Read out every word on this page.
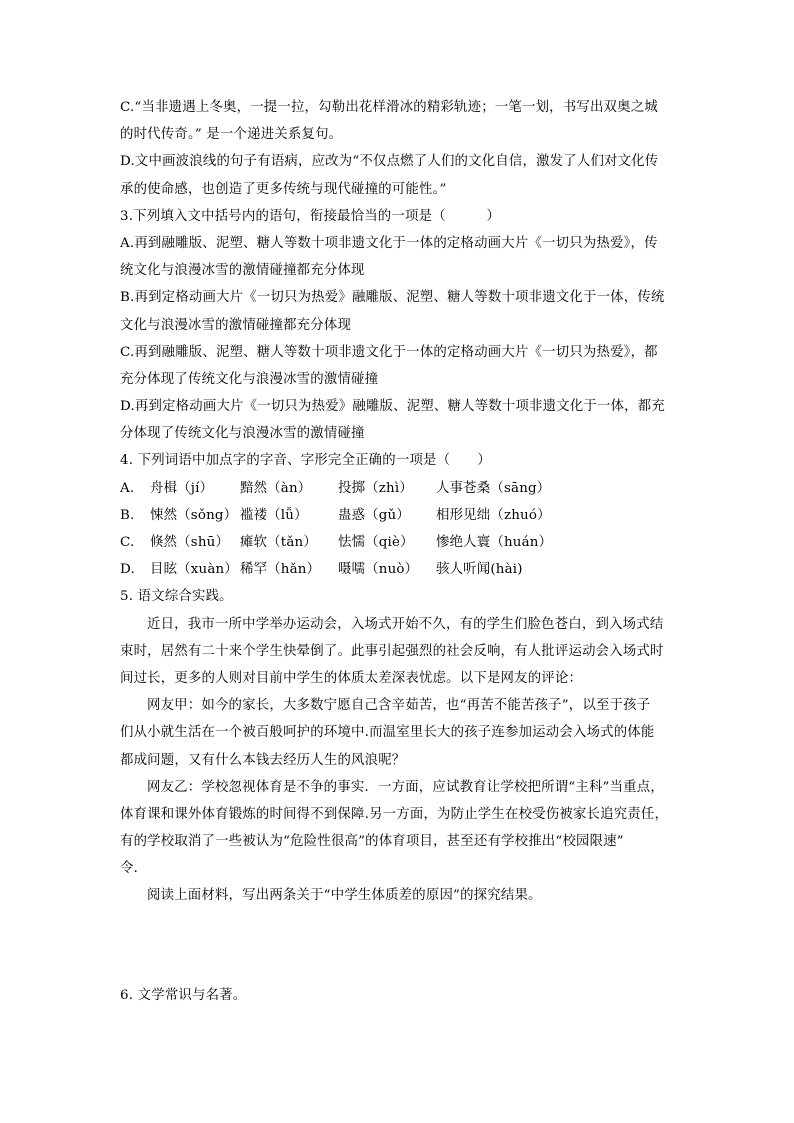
C.“当非遗遇上冬奥，一提一拉，勾勒出花样滑冰的精彩轨迹；一笔一划，书写出双奥之城
的时代传奇。” 是一个递进关系复句。
D.文中画波浪线的句子有语病，应改为“不仅点燃了人们的文化自信，激发了人们对文化传
承的使命感，也创造了更多传统与现代碰撞的可能性。”
3.下列填入文中括号内的语句，衔接最恰当的一项是（　　　）
A.再到融雕版、泥塑、糖人等数十项非遗文化于一体的定格动画大片《一切只为热爱》，传
统文化与浪漫冰雪的激情碰撞都充分体现
B.再到定格动画大片《一切只为热爱》融雕版、泥塑、糖人等数十项非遗文化于一体，传统
文化与浪漫冰雪的激情碰撞都充分体现
C.再到融雕版、泥塑、糖人等数十项非遗文化于一体的定格动画大片《一切只为热爱》，都
充分体现了传统文化与浪漫冰雪的激情碰撞
D.再到定格动画大片《一切只为热爱》融雕版、泥塑、糖人等数十项非遗文化于一体，都充
分体现了传统文化与浪漫冰雪的激情碰撞
4. 下列词语中加点字的字音、字形完全正确的一项是（　　）
A.	舟楫（jí）	黯然（àn）	投掷（zhì）	人事苍桑（sāng）
B.	悚然（sǒng） 褴褛（lǚ）	蛊惑（gǔ）	相形见绌（zhuó）
C.	倏然（shū） 瘫软（tǎn）	怯懦（qiè）	惨绝人寰（huán）
D.	目眩（xuàn） 稀罕（hǎn）	嗫嚅（nuò）	骇人听闻(hài)
5. 语文综合实践。
近日，我市一所中学举办运动会，入场式开始不久，有的学生们脸色苍白，到入场式结
束时，居然有二十来个学生快晕倒了。此事引起强烈的社会反响，有人批评运动会入场式时
间过长，更多的人则对目前中学生的体质太差深表忧虑。以下是网友的评论：
网友甲：如今的家长，大多数宁愿自己含辛茹苦，也“再苦不能苦孩子”，以至于孩子
们从小就生活在一个被百般呵护的环境中.而温室里长大的孩子连参加运动会入场式的体能
都成问题，又有什么本钱去经历人生的风浪呢？
网友乙：学校忽视体育是不争的事实．一方面，应试教育让学校把所谓“主科”当重点，
体育课和课外体育锻炼的时间得不到保障.另一方面，为防止学生在校受伤被家长追究责任，
有的学校取消了一些被认为“危险性很高”的体育项目，甚至还有学校推出“校园限速”
令．
阅读上面材料，写出两条关于“中学生体质差的原因”的探究结果。
6. 文学常识与名著。
